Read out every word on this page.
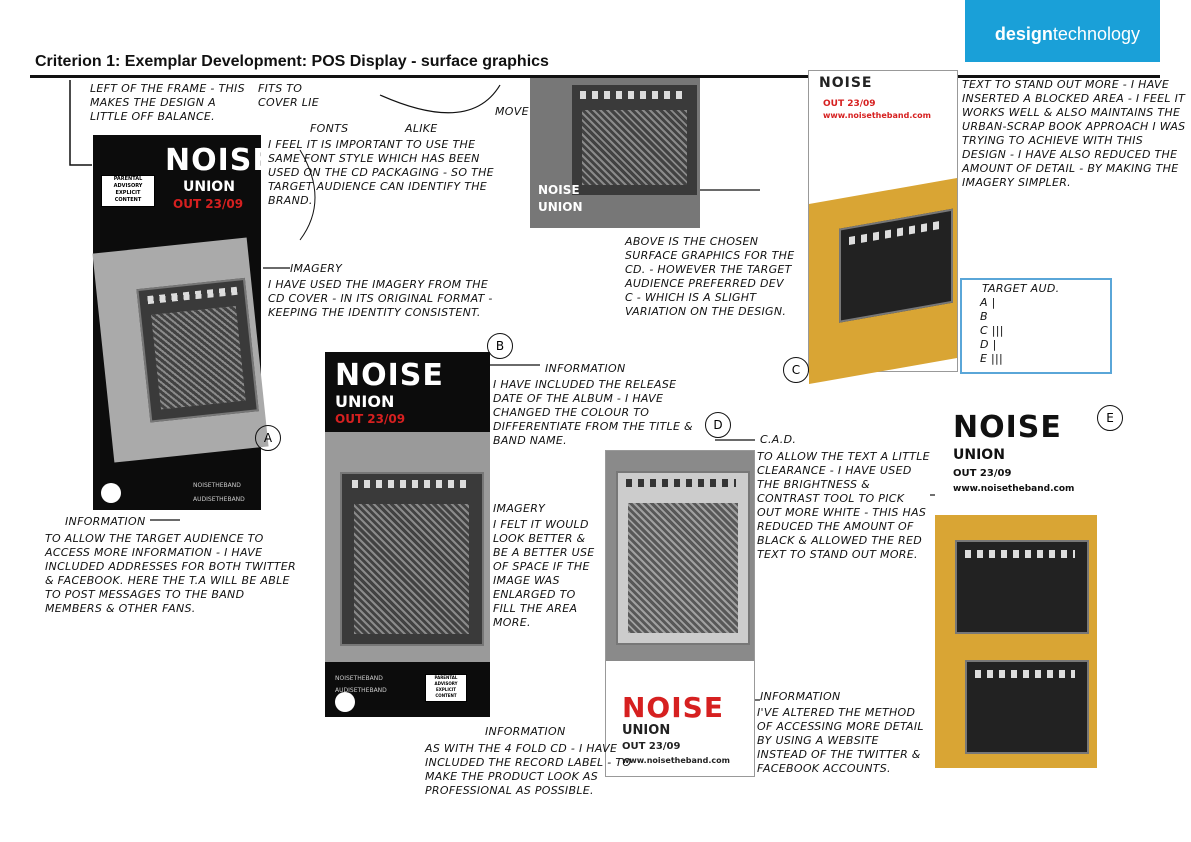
designtechnology
Criterion 1: Exemplar Development: POS Display - surface graphics
NOISE
UNION
OUT 23/09
PARENTAL ADVISORY EXPLICIT CONTENT
NOISETHEBAND
AUDISETHEBAND
NOISE
UNION
OUT 23/09
NOISETHEBAND
AUDISETHEBAND
PARENTAL ADVISORY EXPLICIT CONTENT
NOISE
UNION
NOISE
OUT 23/09
www.noisetheband.com
NOISE
UNION
OUT 23/09
www.noisetheband.com
NOISE
UNION
OUT 23/09
www.noisetheband.com
A
B
C
D	E
TARGET AUD.
A |
B
C |||
D |
E |||
LEFT OF THE FRAME - THIS MAKES THE DESIGN A LITTLE OFF BALANCE.
FITS TO COVER LIE
MOVE
FONTS	ALIKE
I FEEL IT IS IMPORTANT TO USE THE SAME FONT STYLE WHICH HAS BEEN USED ON THE CD PACKAGING - SO THE TARGET AUDIENCE CAN IDENTIFY THE BRAND.
IMAGERY
I HAVE USED THE IMAGERY FROM THE CD COVER - IN ITS ORIGINAL FORMAT - KEEPING THE IDENTITY CONSISTENT.
ABOVE IS THE CHOSEN SURFACE GRAPHICS FOR THE CD. - HOWEVER THE TARGET AUDIENCE PREFERRED DEV C - WHICH IS A SLIGHT VARIATION ON THE DESIGN.
TEXT TO STAND OUT MORE - I HAVE INSERTED A BLOCKED AREA - I FEEL IT WORKS WELL & ALSO MAINTAINS THE URBAN-SCRAP BOOK APPROACH I WAS TRYING TO ACHIEVE WITH THIS DESIGN - I HAVE ALSO REDUCED THE AMOUNT OF DETAIL - BY MAKING THE IMAGERY SIMPLER.
INFORMATION
I HAVE INCLUDED THE RELEASE DATE OF THE ALBUM - I HAVE CHANGED THE COLOUR TO DIFFERENTIATE FROM THE TITLE & BAND NAME.
IMAGERY
I FELT IT WOULD LOOK BETTER & BE A BETTER USE OF SPACE IF THE IMAGE WAS ENLARGED TO FILL THE AREA MORE.
INFORMATION
TO ALLOW THE TARGET AUDIENCE TO ACCESS MORE INFORMATION - I HAVE INCLUDED ADDRESSES FOR BOTH TWITTER & FACEBOOK. HERE THE T.A WILL BE ABLE TO POST MESSAGES TO THE BAND MEMBERS & OTHER FANS.
INFORMATION
AS WITH THE 4 FOLD CD - I HAVE INCLUDED THE RECORD LABEL - TO MAKE THE PRODUCT LOOK AS PROFESSIONAL AS POSSIBLE.
C.A.D.
TO ALLOW THE TEXT A LITTLE CLEARANCE - I HAVE USED THE BRIGHTNESS & CONTRAST TOOL TO PICK OUT MORE WHITE - THIS HAS REDUCED THE AMOUNT OF BLACK & ALLOWED THE RED TEXT TO STAND OUT MORE.
INFORMATION
I'VE ALTERED THE METHOD OF ACCESSING MORE DETAIL BY USING A WEBSITE INSTEAD OF THE TWITTER & FACEBOOK ACCOUNTS.
